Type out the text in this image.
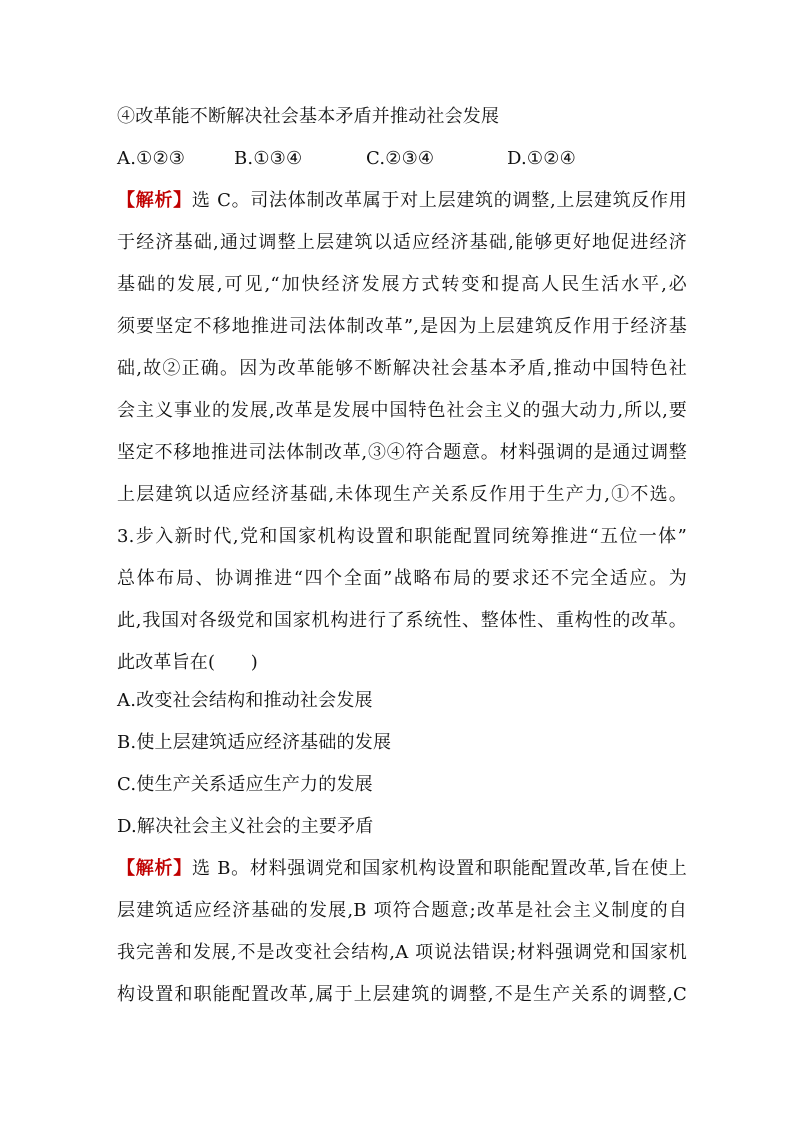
④改革能不断解决社会基本矛盾并推动社会发展
A.①②③	B.①③④	C.②③④	D.①②④
【解析】选 C。司法体制改革属于对上层建筑的调整,上层建筑反作用
于经济基础,通过调整上层建筑以适应经济基础,能够更好地促进经济
基础的发展,可见,“加快经济发展方式转变和提高人民生活水平,必
须要坚定不移地推进司法体制改革”,是因为上层建筑反作用于经济基
础,故②正确。因为改革能够不断解决社会基本矛盾,推动中国特色社
会主义事业的发展,改革是发展中国特色社会主义的强大动力,所以,要
坚定不移地推进司法体制改革,③④符合题意。材料强调的是通过调整
上层建筑以适应经济基础,未体现生产关系反作用于生产力,①不选。
3.步入新时代,党和国家机构设置和职能配置同统筹推进“五位一体”
总体布局、协调推进“四个全面”战略布局的要求还不完全适应。为
此,我国对各级党和国家机构进行了系统性、整体性、重构性的改革。
此改革旨在(      )
A.改变社会结构和推动社会发展
B.使上层建筑适应经济基础的发展
C.使生产关系适应生产力的发展
D.解决社会主义社会的主要矛盾
【解析】选 B。材料强调党和国家机构设置和职能配置改革,旨在使上
层建筑适应经济基础的发展,B 项符合题意;改革是社会主义制度的自
我完善和发展,不是改变社会结构,A 项说法错误;材料强调党和国家机
构设置和职能配置改革,属于上层建筑的调整,不是生产关系的调整,C
